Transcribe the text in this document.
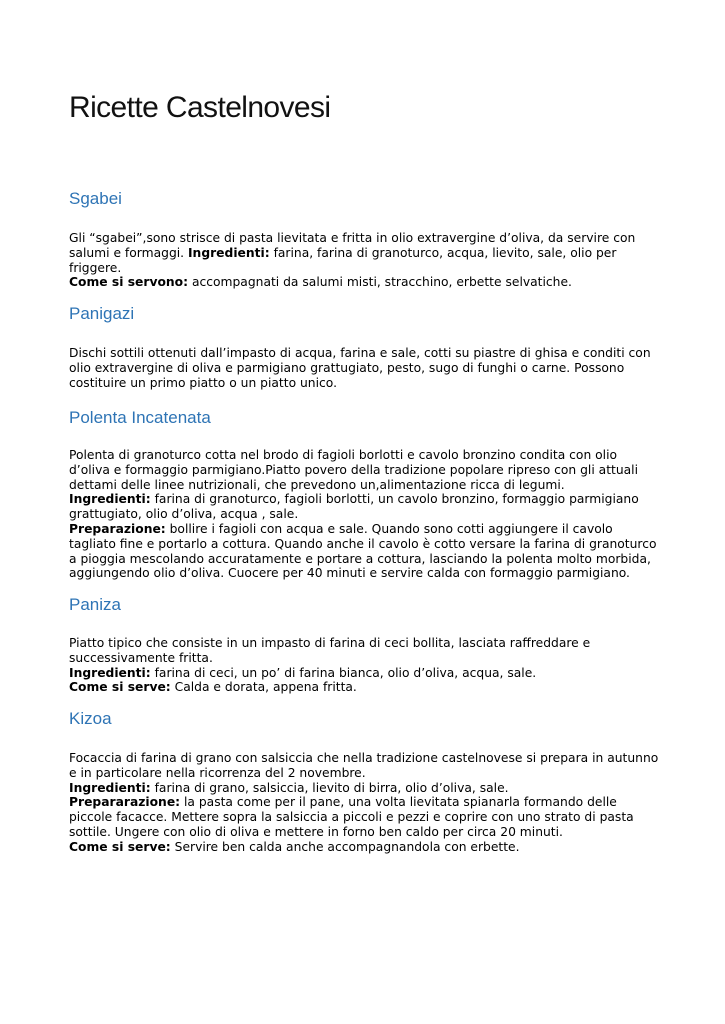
Ricette Castelnovesi
Sgabei
Gli “sgabei”,sono strisce di pasta lievitata e fritta in olio extravergine d’oliva, da servire con
salumi e formaggi. Ingredienti: farina, farina di granoturco, acqua, lievito, sale, olio per
friggere.
Come si servono: accompagnati da salumi misti, stracchino, erbette selvatiche.
Panigazi
Dischi sottili ottenuti dall’impasto di acqua, farina e sale, cotti su piastre di ghisa e conditi con
olio extravergine di oliva e parmigiano grattugiato, pesto, sugo di funghi o carne. Possono
costituire un primo piatto o un piatto unico.
Polenta Incatenata
Polenta di granoturco cotta nel brodo di fagioli borlotti e cavolo bronzino condita con olio
d’oliva e formaggio parmigiano.Piatto povero della tradizione popolare ripreso con gli attuali
dettami delle linee nutrizionali, che prevedono un,alimentazione ricca di legumi.
Ingredienti: farina di granoturco, fagioli borlotti, un cavolo bronzino, formaggio parmigiano
grattugiato, olio d’oliva, acqua , sale.
Preparazione: bollire i fagioli con acqua e sale. Quando sono cotti aggiungere il cavolo
tagliato fine e portarlo a cottura. Quando anche il cavolo è cotto versare la farina di granoturco
a pioggia mescolando accuratamente e portare a cottura, lasciando la polenta molto morbida,
aggiungendo olio d’oliva. Cuocere per 40 minuti e servire calda con formaggio parmigiano.
Paniza
Piatto tipico che consiste in un impasto di farina di ceci bollita, lasciata raffreddare e
successivamente fritta.
Ingredienti: farina di ceci, un po’ di farina bianca, olio d’oliva, acqua, sale.
Come si serve: Calda e dorata, appena fritta.
Kizoa
Focaccia di farina di grano con salsiccia che nella tradizione castelnovese si prepara in autunno
e in particolare nella ricorrenza del 2 novembre.
Ingredienti: farina di grano, salsiccia, lievito di birra, olio d’oliva, sale.
Prepararazione: la pasta come per il pane, una volta lievitata spianarla formando delle
piccole facacce. Mettere sopra la salsiccia a piccoli e pezzi e coprire con uno strato di pasta
sottile. Ungere con olio di oliva e mettere in forno ben caldo per circa 20 minuti.
Come si serve: Servire ben calda anche accompagnandola con erbette.
